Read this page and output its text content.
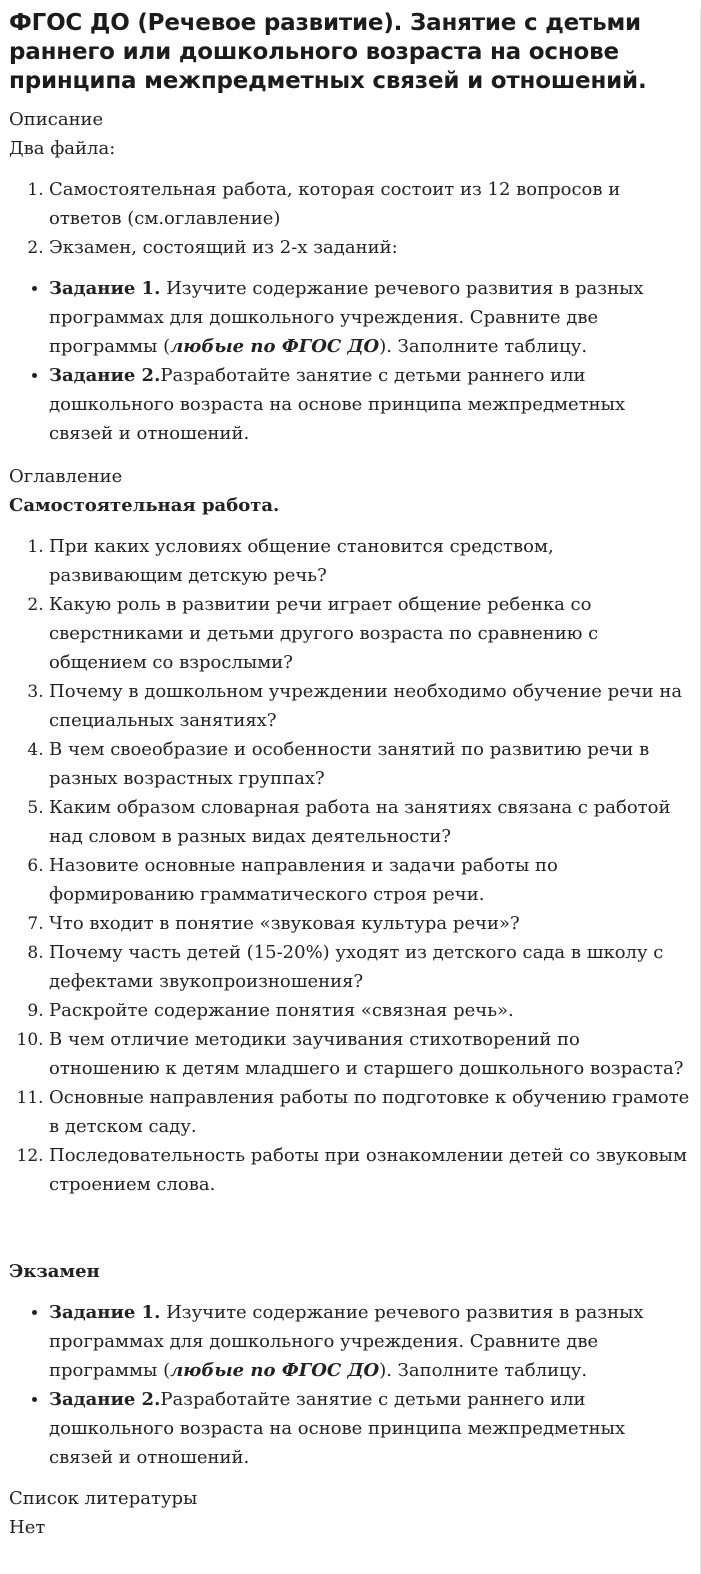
ФГОС ДО (Речевое развитие). Занятие с детьми раннего или дошкольного возраста на основе принципа межпредметных связей и отношений.

Описание

Два файла:

1. Самостоятельная работа, которая состоит из 12 вопросов и ответов (см.оглавление)
2. Экзамен, состоящий из 2-х заданий:
• Задание 1. Изучите содержание речевого развития в разных программах для дошкольного учреждения. Сравните две программы (любые по ФГОС ДО). Заполните таблицу.
• Задание 2.Разработайте занятие с детьми раннего или дошкольного возраста на основе принципа межпредметных связей и отношений.

Оглавление

Самостоятельная работа.

1. При каких условиях общение становится средством, развивающим детскую речь?
2. Какую роль в развитии речи играет общение ребенка со сверстниками и детьми другого возраста по сравнению с общением со взрослыми?
3. Почему в дошкольном учреждении необходимо обучение речи на специальных занятиях?
4. В чем своеобразие и особенности занятий по развитию речи в разных возрастных группах?
5. Каким образом словарная работа на занятиях связана с работой над словом в разных видах деятельности?
6. Назовите основные направления и задачи работы по формированию грамматического строя речи.
7. Что входит в понятие «звуковая культура речи»?
8. Почему часть детей (15-20%) уходят из детского сада в школу с дефектами звукопроизношения?
9. Раскройте содержание понятия «связная речь».
10. В чем отличие методики заучивания стихотворений по отношению к детям младшего и старшего дошкольного возраста?
11. Основные направления работы по подготовке к обучению грамоте в детском саду.
12. Последовательность работы при ознакомлении детей со звуковым строением слова.

Экзамен

• Задание 1. Изучите содержание речевого развития в разных программах для дошкольного учреждения. Сравните две программы (любые по ФГОС ДО). Заполните таблицу.
• Задание 2.Разработайте занятие с детьми раннего или дошкольного возраста на основе принципа межпредметных связей и отношений.

Список литературы

Нет
